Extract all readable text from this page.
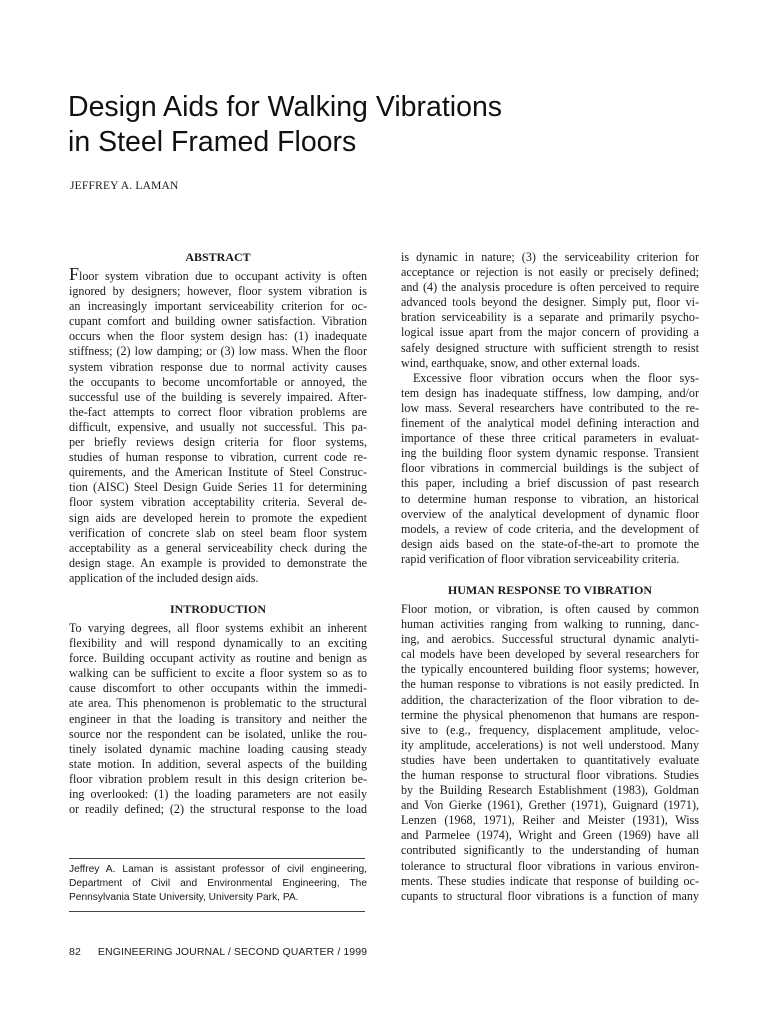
Design Aids for Walking Vibrations
in Steel Framed Floors

JEFFREY A. LAMAN

ABSTRACT
Floor system vibration due to occupant activity is often
ignored by designers; however, floor system vibration is
an increasingly important serviceability criterion for oc-
cupant comfort and building owner satisfaction. Vibration
occurs when the floor system design has: (1) inadequate
stiffness; (2) low damping; or (3) low mass. When the floor
system vibration response due to normal activity causes
the occupants to become uncomfortable or annoyed, the
successful use of the building is severely impaired. After-
the-fact attempts to correct floor vibration problems are
difficult, expensive, and usually not successful. This pa-
per briefly reviews design criteria for floor systems,
studies of human response to vibration, current code re-
quirements, and the American Institute of Steel Construc-
tion (AISC) Steel Design Guide Series 11 for determining
floor system vibration acceptability criteria. Several de-
sign aids are developed herein to promote the expedient
verification of concrete slab on steel beam floor system
acceptability as a general serviceability check during the
design stage. An example is provided to demonstrate the
application of the included design aids.
INTRODUCTION
To varying degrees, all floor systems exhibit an inherent
flexibility and will respond dynamically to an exciting
force. Building occupant activity as routine and benign as
walking can be sufficient to excite a floor system so as to
cause discomfort to other occupants within the immedi-
ate area. This phenomenon is problematic to the structural
engineer in that the loading is transitory and neither the
source nor the respondent can be isolated, unlike the rou-
tinely isolated dynamic machine loading causing steady
state motion. In addition, several aspects of the building
floor vibration problem result in this design criterion be-
ing overlooked: (1) the loading parameters are not easily
or readily defined; (2) the structural response to the load
is dynamic in nature; (3) the serviceability criterion for
acceptance or rejection is not easily or precisely defined;
and (4) the analysis procedure is often perceived to require
advanced tools beyond the designer. Simply put, floor vi-
bration serviceability is a separate and primarily psycho-
logical issue apart from the major concern of providing a
safely designed structure with sufficient strength to resist
wind, earthquake, snow, and other external loads.
Excessive floor vibration occurs when the floor sys-
tem design has inadequate stiffness, low damping, and/or
low mass. Several researchers have contributed to the re-
finement of the analytical model defining interaction and
importance of these three critical parameters in evaluat-
ing the building floor system dynamic response. Transient
floor vibrations in commercial buildings is the subject of
this paper, including a brief discussion of past research
to determine human response to vibration, an historical
overview of the analytical development of dynamic floor
models, a review of code criteria, and the development of
design aids based on the state-of-the-art to promote the
rapid verification of floor vibration serviceability criteria.
HUMAN RESPONSE TO VIBRATION
Floor motion, or vibration, is often caused by common
human activities ranging from walking to running, danc-
ing, and aerobics. Successful structural dynamic analyti-
cal models have been developed by several researchers for
the typically encountered building floor systems; however,
the human response to vibrations is not easily predicted. In
addition, the characterization of the floor vibration to de-
termine the physical phenomenon that humans are respon-
sive to (e.g., frequency, displacement amplitude, veloc-
ity amplitude, accelerations) is not well understood. Many
studies have been undertaken to quantitatively evaluate
the human response to structural floor vibrations. Studies
by the Building Research Establishment (1983), Goldman
and Von Gierke (1961), Grether (1971), Guignard (1971),
Lenzen (1968, 1971), Reiher and Meister (1931), Wiss
and Parmelee (1974), Wright and Green (1969) have all
contributed significantly to the understanding of human
tolerance to structural floor vibrations in various environ-
ments. These studies indicate that response of building oc-
cupants to structural floor vibrations is a function of many
Jeffrey A. Laman is assistant professor of civil engineering,
Department of Civil and Environmental Engineering, The
Pennsylvania State University, University Park, PA.
82 ENGINEERING JOURNAL / SECOND QUARTER / 1999
